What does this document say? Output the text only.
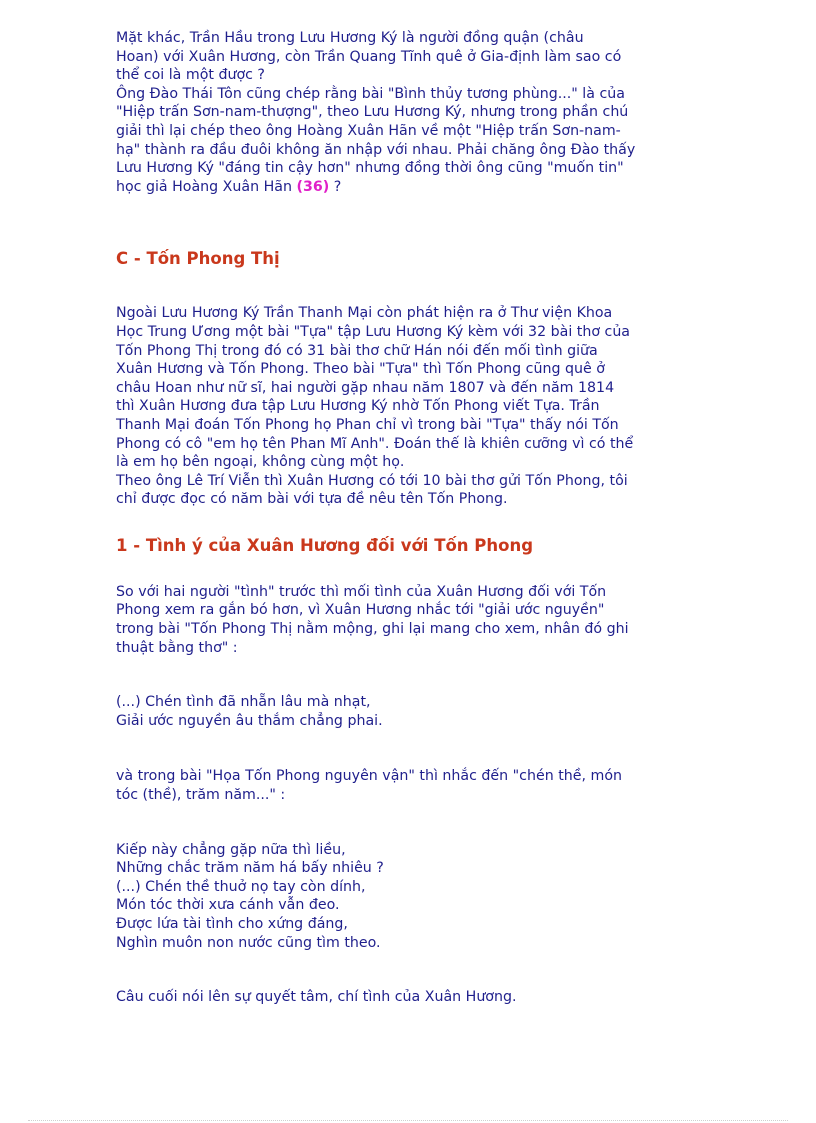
Mặt khác, Trần Hầu trong Lưu Hương Ký là người đồng quận (châu
Hoan) với Xuân Hương, còn Trần Quang Tĩnh quê ở Gia-định làm sao có
thể coi là một được ?

Ông Đào Thái Tôn cũng chép rằng bài "Bình thủy tương phùng..." là của
"Hiệp trấn Sơn-nam-thượng", theo Lưu Hương Ký, nhưng trong phần chú
giải thì lại chép theo ông Hoàng Xuân Hãn về một "Hiệp trấn Sơn-nam-
hạ" thành ra đầu đuôi không ăn nhập với nhau. Phải chăng ông Đào thấy
Lưu Hương Ký "đáng tin cậy hơn" nhưng đồng thời ông cũng "muốn tin"
học giả Hoàng Xuân Hãn (36) ?

C - Tốn Phong Thị

Ngoài Lưu Hương Ký Trần Thanh Mại còn phát hiện ra ở Thư viện Khoa
Học Trung Ương một bài "Tựa" tập Lưu Hương Ký kèm với 32 bài thơ của
Tốn Phong Thị trong đó có 31 bài thơ chữ Hán nói đến mối tình giữa
Xuân Hương và Tốn Phong. Theo bài "Tựa" thì Tốn Phong cũng quê ở
châu Hoan như nữ sĩ, hai người gặp nhau năm 1807 và đến năm 1814
thì Xuân Hương đưa tập Lưu Hương Ký nhờ Tốn Phong viết Tựa. Trần
Thanh Mại đoán Tốn Phong họ Phan chỉ vì trong bài "Tựa" thấy nói Tốn
Phong có cô "em họ tên Phan Mĩ Anh". Đoán thế là khiên cưỡng vì có thể
là em họ bên ngoại, không cùng một họ.

Theo ông Lê Trí Viễn thì Xuân Hương có tới 10 bài thơ gửi Tốn Phong, tôi
chỉ được đọc có năm bài với tựa đề nêu tên Tốn Phong.

1 - Tình ý của Xuân Hương đối với Tốn Phong

So với hai người "tình" trước thì mối tình của Xuân Hương đối với Tốn
Phong xem ra gắn bó hơn, vì Xuân Hương nhắc tới "giải ước nguyền"
trong bài "Tốn Phong Thị nằm mộng, ghi lại mang cho xem, nhân đó ghi
thuật bằng thơ" :

(...) Chén tình đã nhẵn lâu mà nhạt,
Giải ước nguyền âu thắm chẳng phai.

và trong bài "Họa Tốn Phong nguyên vận" thì nhắc đến "chén thề, món
tóc (thề), trăm năm..." :

Kiếp này chẳng gặp nữa thì liều,
Những chắc trăm năm há bấy nhiêu ?
(...) Chén thề thuở nọ tay còn dính,
Món tóc thời xưa cánh vẫn đeo.
Được lứa tài tình cho xứng đáng,
Nghìn muôn non nước cũng tìm theo.

Câu cuối nói lên sự quyết tâm, chí tình của Xuân Hương.
